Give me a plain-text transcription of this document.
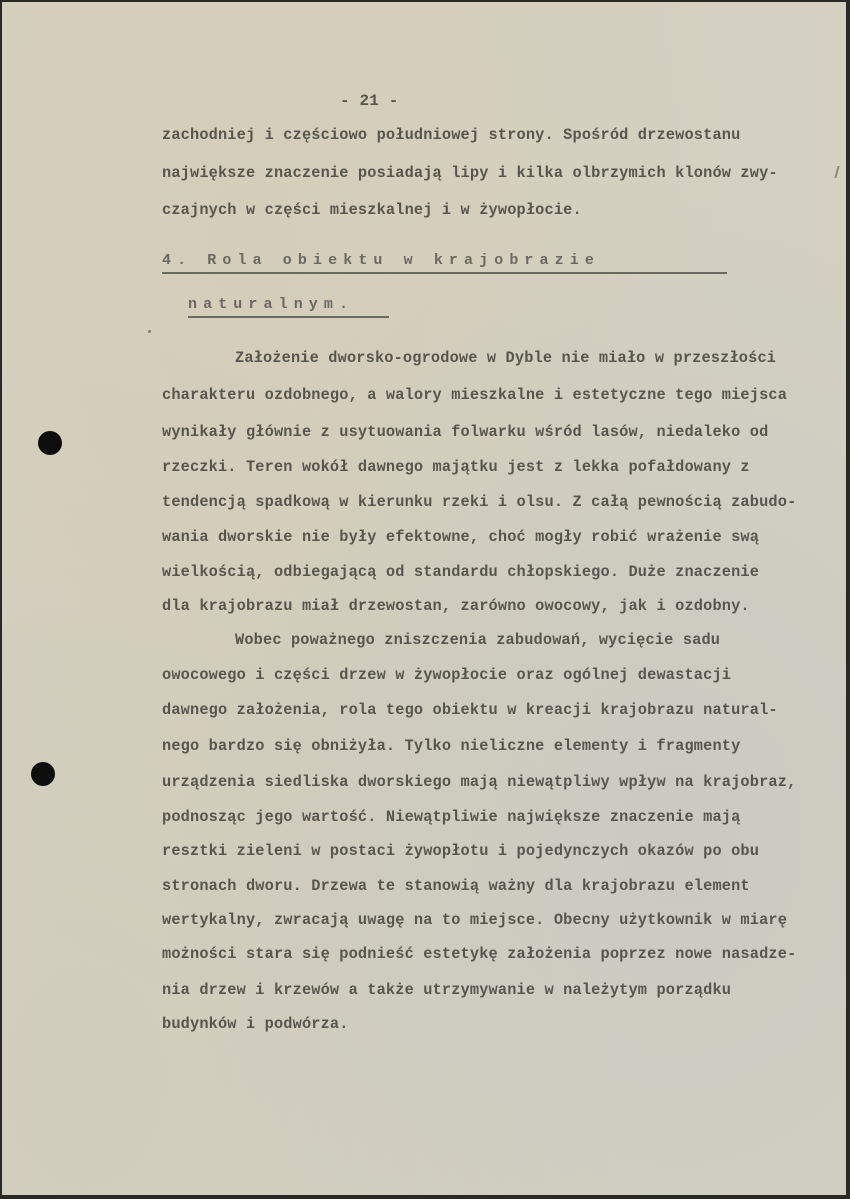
- 21 -
zachodniej i częściowo południowej strony. Spośród drzewostanu
największe znaczenie posiadają lipy i kilka olbrzymich klonów zwy-
czajnych w części mieszkalnej i w żywopłocie.
4. Rola obiektu w krajobrazie
naturalnym.
Założenie dworsko-ogrodowe w Dyble nie miało w przeszłości
charakteru ozdobnego, a walory mieszkalne i estetyczne tego miejsca
wynikały głównie z usytuowania folwarku wśród lasów, niedaleko od
rzeczki. Teren wokół dawnego majątku jest z lekka pofałdowany z
tendencją spadkową w kierunku rzeki i olsu. Z całą pewnością zabudo-
wania dworskie nie były efektowne, choć mogły robić wrażenie swą
wielkością, odbiegającą od standardu chłopskiego. Duże znaczenie
dla krajobrazu miał drzewostan, zarówno owocowy, jak i ozdobny.
Wobec poważnego zniszczenia zabudowań, wycięcie sadu
owocowego i części drzew w żywopłocie oraz ogólnej dewastacji
dawnego założenia, rola tego obiektu w kreacji krajobrazu natural-
nego bardzo się obniżyła. Tylko nieliczne elementy i fragmenty
urządzenia siedliska dworskiego mają niewątpliwy wpływ na krajobraz,
podnosząc jego wartość. Niewątpliwie największe znaczenie mają
resztki zieleni w postaci żywopłotu i pojedynczych okazów po obu
stronach dworu. Drzewa te stanowią ważny dla krajobrazu element
wertykalny, zwracają uwagę na to miejsce. Obecny użytkownik w miarę
możności stara się podnieść estetykę założenia poprzez nowe nasadze-
nia drzew i krzewów a także utrzymywanie w należytym porządku
budynków i podwórza.
